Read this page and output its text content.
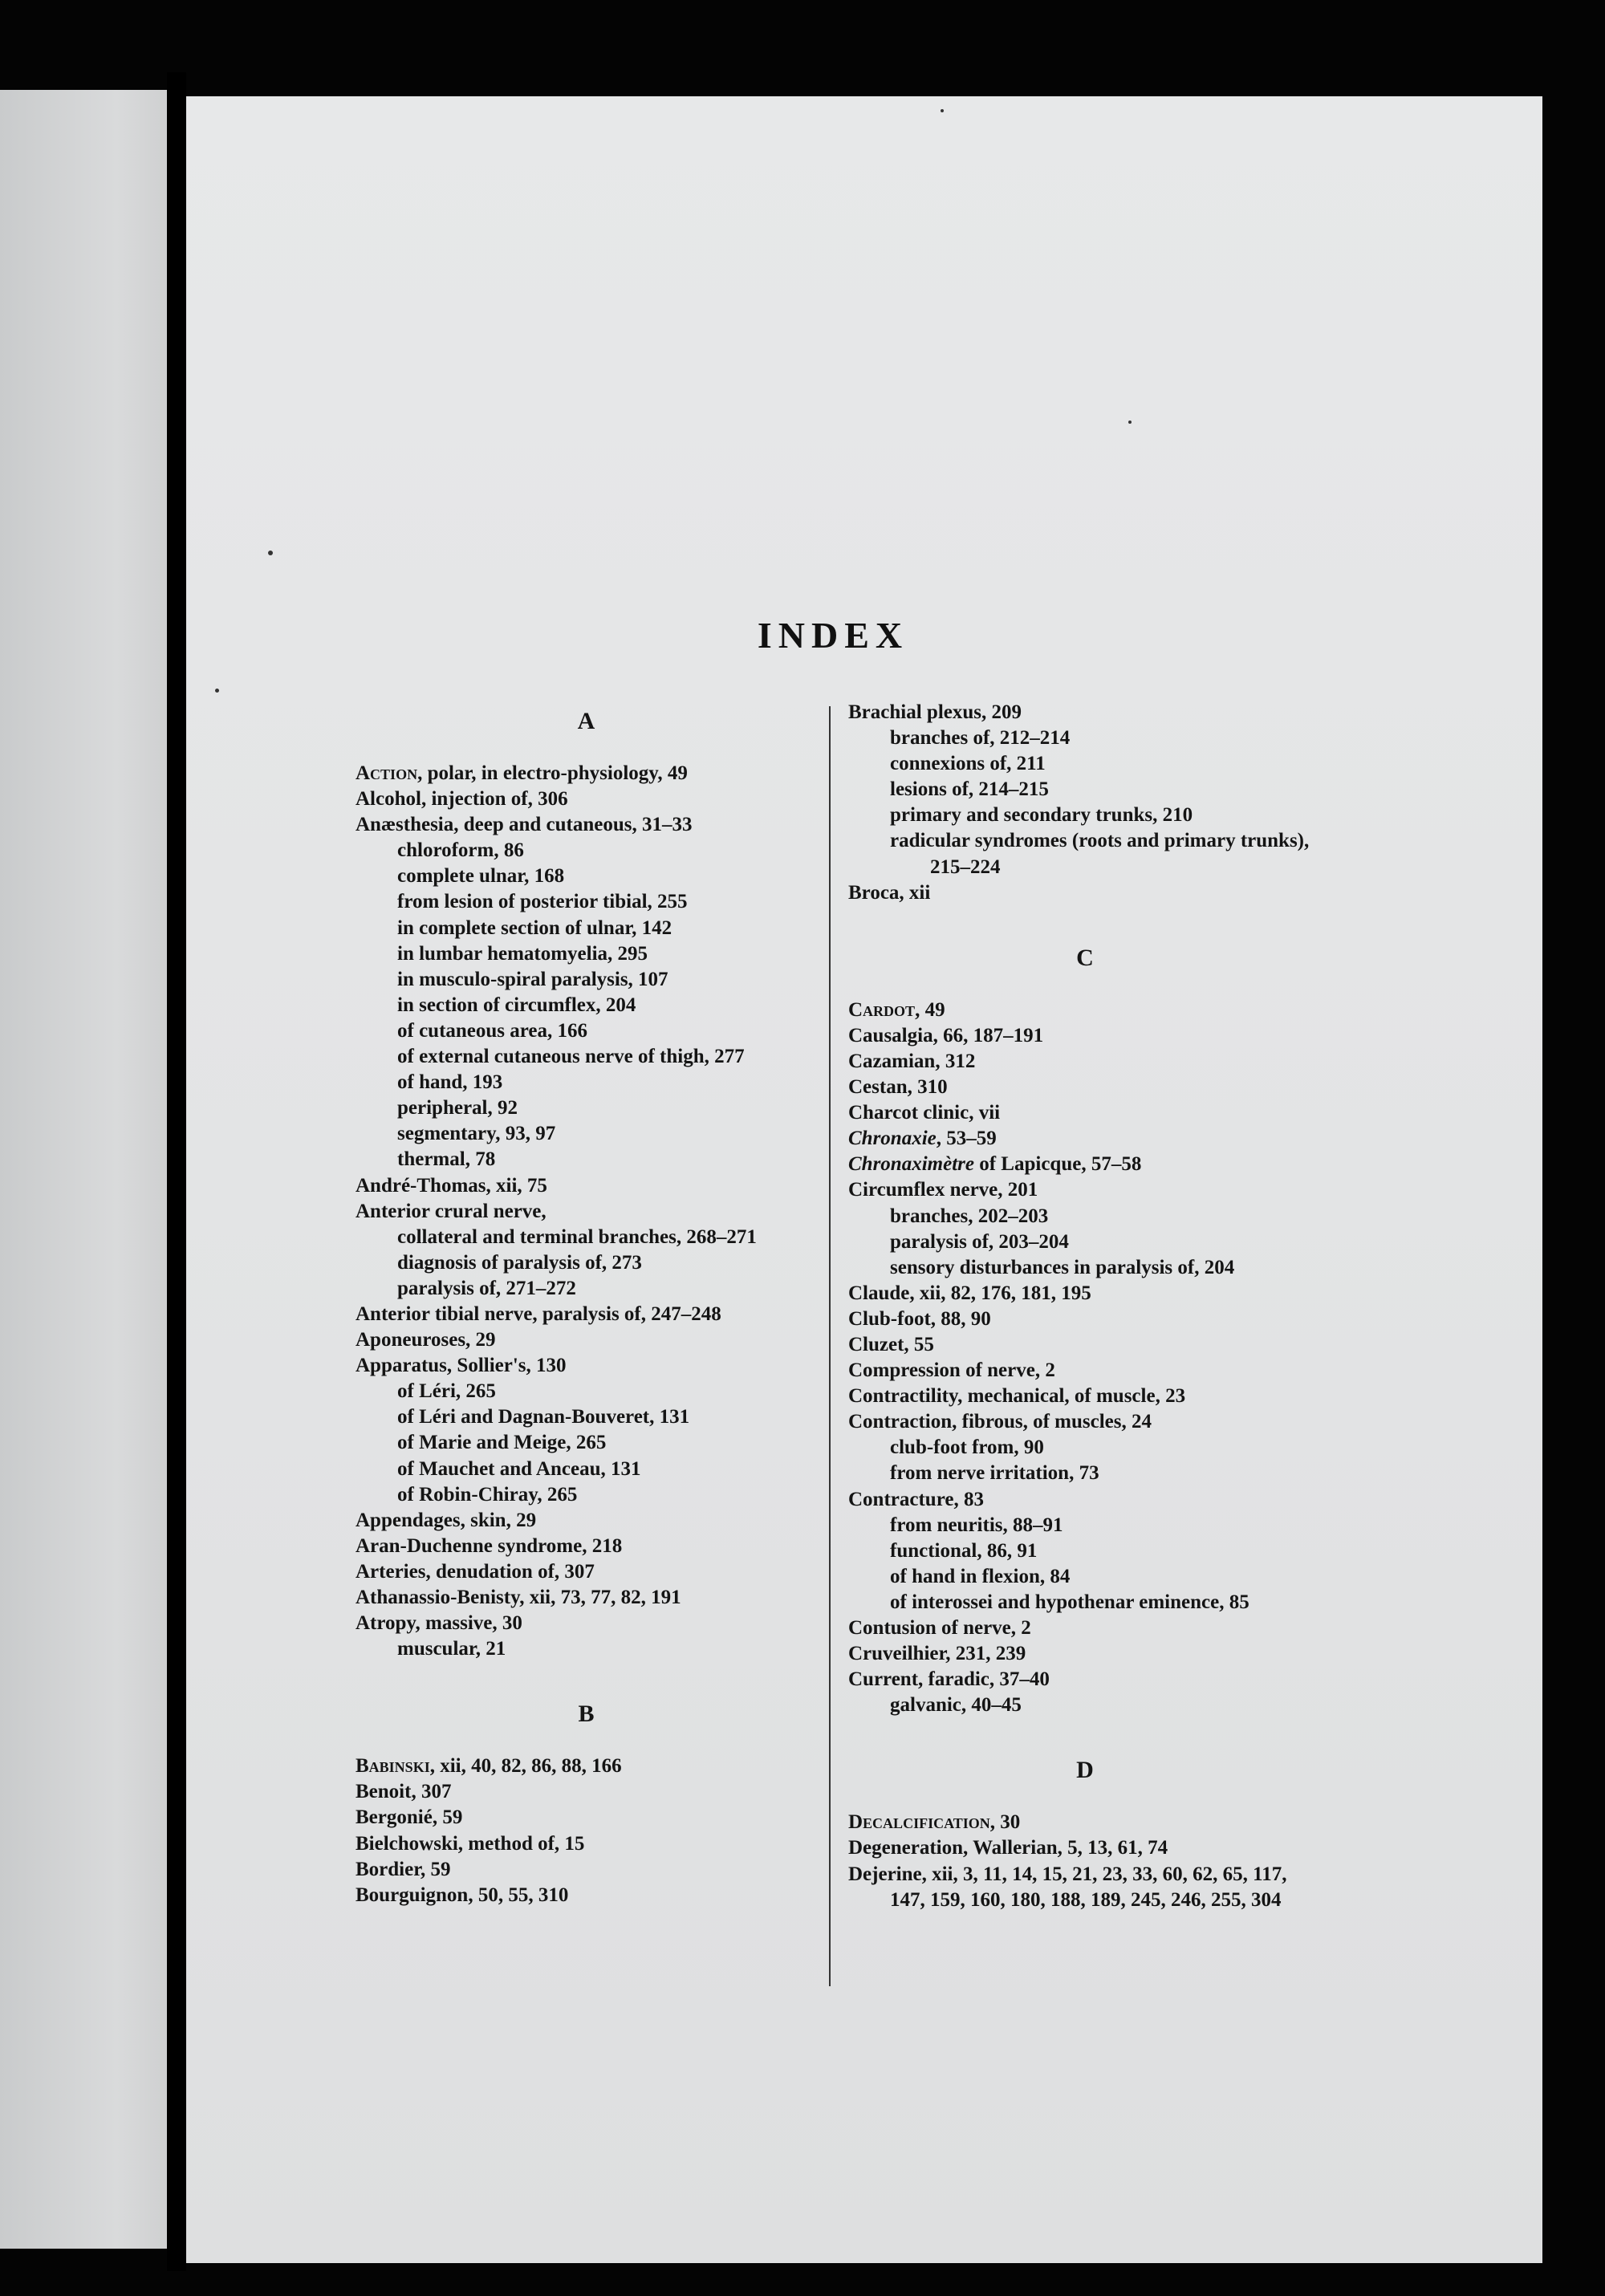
INDEX
A

Action, polar, in electro-physiology, 49

Alcohol, injection of, 306

Anæsthesia, deep and cutaneous, 31–33

chloroform, 86

complete ulnar, 168

from lesion of posterior tibial, 255

in complete section of ulnar, 142

in lumbar hematomyelia, 295

in musculo-spiral paralysis, 107

in section of circumflex, 204

of cutaneous area, 166

of external cutaneous nerve of thigh, 277

of hand, 193

peripheral, 92

segmentary, 93, 97

thermal, 78

André-Thomas, xii, 75

Anterior crural nerve,

collateral and terminal branches, 268–271

diagnosis of paralysis of, 273

paralysis of, 271–272

Anterior tibial nerve, paralysis of, 247–248

Aponeuroses, 29

Apparatus, Sollier's, 130

of Léri, 265

of Léri and Dagnan-Bouveret, 131

of Marie and Meige, 265

of Mauchet and Anceau, 131

of Robin-Chiray, 265

Appendages, skin, 29

Aran-Duchenne syndrome, 218

Arteries, denudation of, 307

Athanassio-Benisty, xii, 73, 77, 82, 191

Atropy, massive, 30

muscular, 21

B

Babinski, xii, 40, 82, 86, 88, 166

Benoit, 307

Bergonié, 59

Bielchowski, method of, 15

Bordier, 59

Bourguignon, 50, 55, 310

Brachial plexus, 209

branches of, 212–214

connexions of, 211

lesions of, 214–215

primary and secondary trunks, 210

radicular syndromes (roots and primary trunks), 215–224

Broca, xii

C

Cardot, 49

Causalgia, 66, 187–191

Cazamian, 312

Cestan, 310

Charcot clinic, vii

Chronaxie, 53–59

Chronaximètre of Lapicque, 57–58

Circumflex nerve, 201

branches, 202–203

paralysis of, 203–204

sensory disturbances in paralysis of, 204

Claude, xii, 82, 176, 181, 195

Club-foot, 88, 90

Cluzet, 55

Compression of nerve, 2

Contractility, mechanical, of muscle, 23

Contraction, fibrous, of muscles, 24

club-foot from, 90

from nerve irritation, 73

Contracture, 83

from neuritis, 88–91

functional, 86, 91

of hand in flexion, 84

of interossei and hypothenar eminence, 85

Contusion of nerve, 2

Cruveilhier, 231, 239

Current, faradic, 37–40

galvanic, 40–45

D

Decalcification, 30

Degeneration, Wallerian, 5, 13, 61, 74

Dejerine, xii, 3, 11, 14, 15, 21, 23, 33, 60, 62, 65, 117, 147, 159, 160, 180, 188, 189, 245, 246, 255, 304
